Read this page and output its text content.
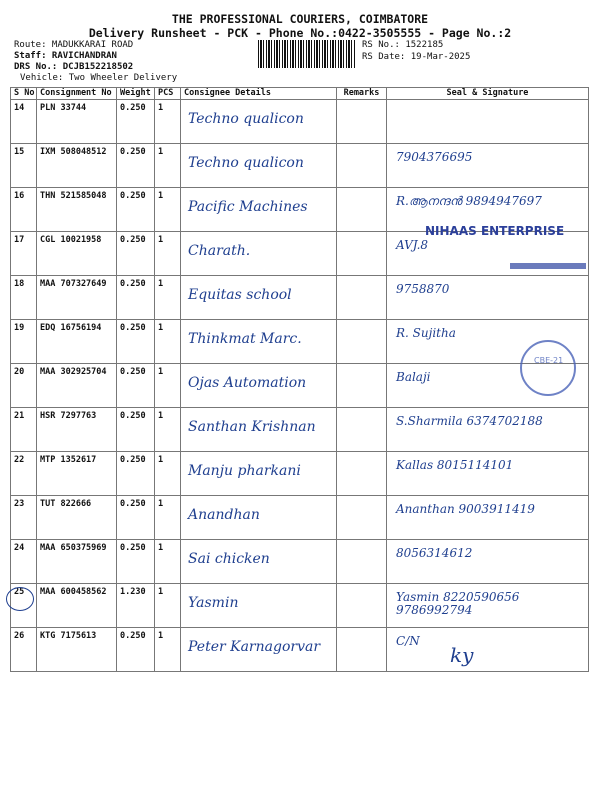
THE PROFESSIONAL COURIERS, COIMBATORE
Delivery Runsheet - PCK - Phone No.:0422-3505555 - Page No.:2
Route: MADUKKARAI ROAD
Staff: RAVICHANDRAN
DRS No.: DCJB152218502
Vehicle: Two Wheeler Delivery
RS No.: 1522185
RS Date: 19-Mar-2025
S No	Consignment No	Weight	PCS	Consignee Details	Remarks	Seal & Signature
14	PLN 33744	0.250	1	Techno qualicon		

15	IXM 508048512	0.250	1	Techno qualicon		7904376695

16	THN 521585048	0.250	1	Pacific Machines		R.ആനന്ദൻ 9894947697

17	CGL 10021958	0.250	1	Charath.		AVJ.8

18	MAA 707327649	0.250	1	Equitas school		9758870

19	EDQ 16756194	0.250	1	Thinkmat Marc.		R. Sujitha

20	MAA 302925704	0.250	1	Ojas Automation		Balaji

21	HSR 7297763	0.250	1	Santhan Krishnan		S.Sharmila 6374702188

22	MTP 1352617	0.250	1	Manju pharkani		Kallas 8015114101

23	TUT 822666	0.250	1	Anandhan		Ananthan 9003911419

24	MAA 650375969	0.250	1	Sai chicken		8056314612

25	MAA 600458562	1.230	1	Yasmin		Yasmin 8220590656 9786992794

26	KTG 7175613	0.250	1	Peter Karnagorvar		C/N
NIHAAS ENTERPRISE
CBE-21
ky
